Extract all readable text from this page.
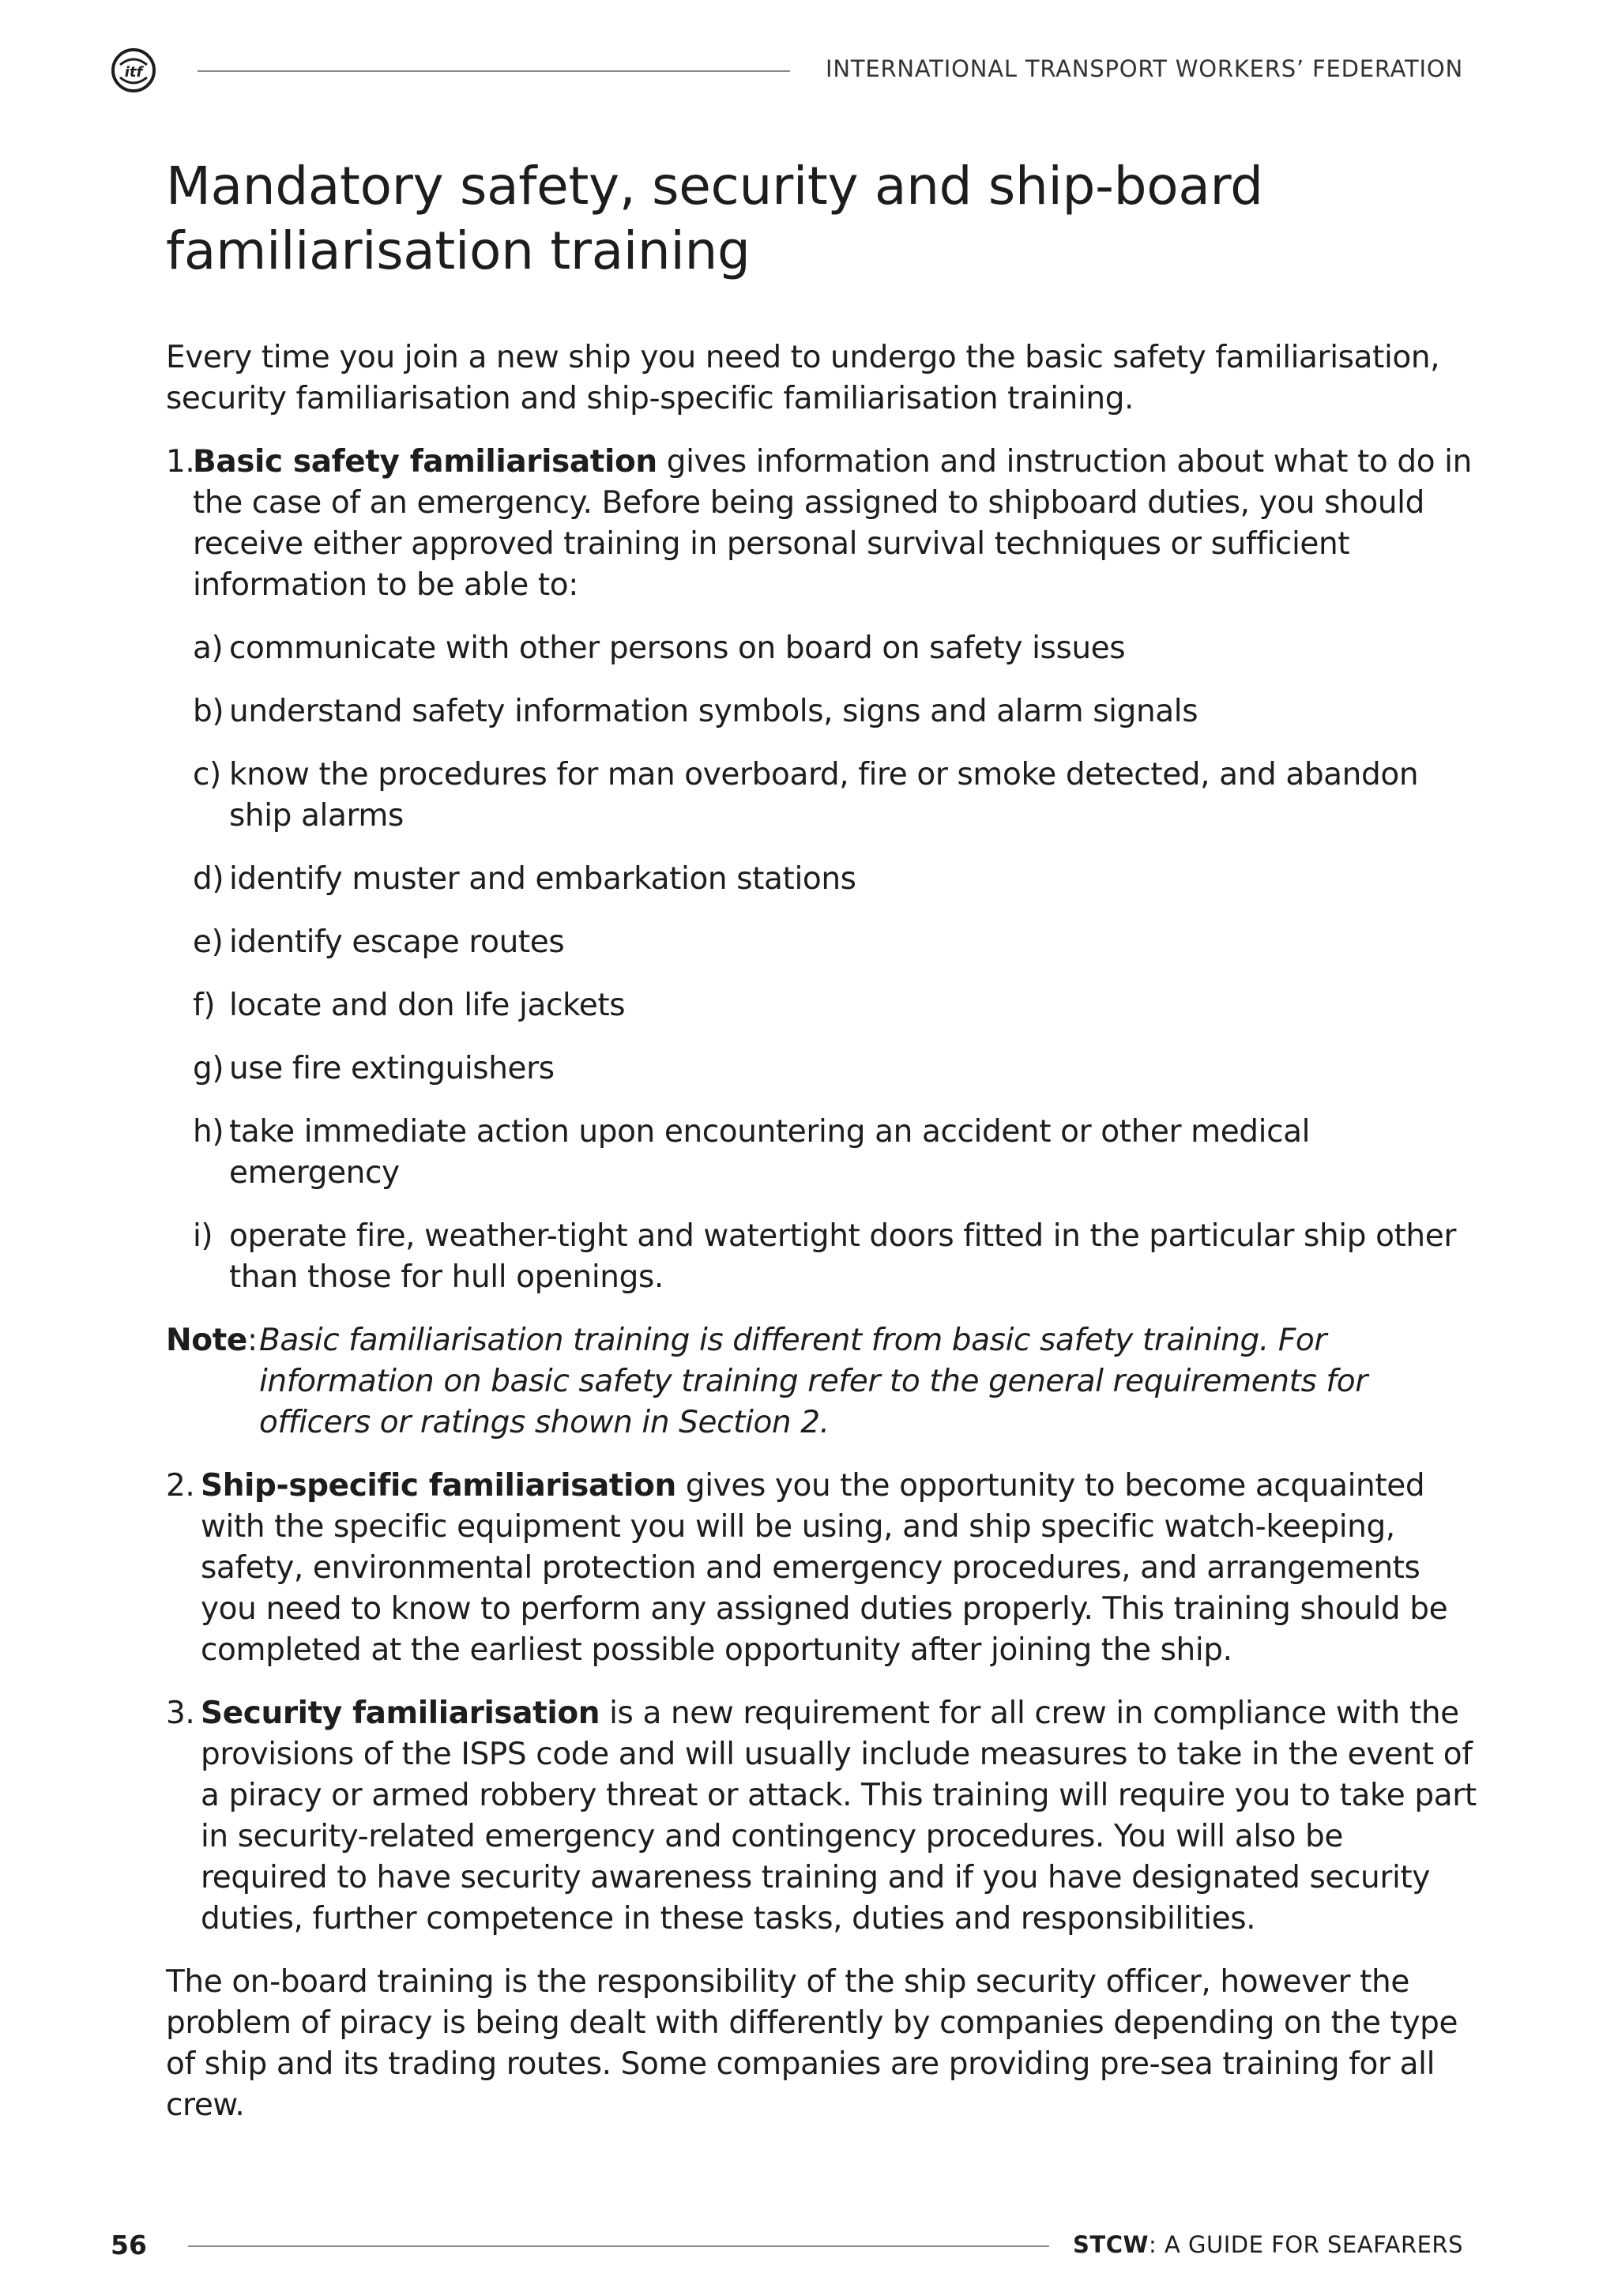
itf	INTERNATIONAL TRANSPORT WORKERS’ FEDERATION
Mandatory safety, security and ship-board
familiarisation training

Every time you join a new ship you need to undergo the basic safety familiarisation, security familiarisation and ship-specific familiarisation training.

1.
Basic safety familiarisation gives information and instruction about what to do in the case of an emergency. Before being assigned to shipboard duties, you should receive either approved training in personal survival techniques or sufficient information to be able to:
a) communicate with other persons on board on safety issues
b) understand safety information symbols, signs and alarm signals
c) know the procedures for man overboard, fire or smoke detected, and abandon ship alarms
d) identify muster and embarkation stations
e) identify escape routes
f) locate and don life jackets
g) use fire extinguishers
h) take immediate action upon encountering an accident or other medical emergency
i) operate fire, weather-tight and watertight doors fitted in the particular ship other than those for hull openings.
Note: Basic familiarisation training is different from basic safety training. For information on basic safety training refer to the general requirements for officers or ratings shown in Section 2.
2. Ship-specific familiarisation gives you the opportunity to become acquainted with the specific equipment you will be using, and ship specific watch-keeping, safety, environmental protection and emergency procedures, and arrangements you need to know to perform any assigned duties properly. This training should be completed at the earliest possible opportunity after joining the ship.
3. Security familiarisation is a new requirement for all crew in compliance with the provisions of the ISPS code and will usually include measures to take in the event of a piracy or armed robbery threat or attack. This training will require you to take part in security-related emergency and contingency procedures. You will also be required to have security awareness training and if you have designated security duties, further competence in these tasks, duties and responsibilities.

The on-board training is the responsibility of the ship security officer, however the problem of piracy is being dealt with differently by companies depending on the type of ship and its trading routes. Some companies are providing pre-sea training for all crew.

56	STCW: A GUIDE FOR SEAFARERS
